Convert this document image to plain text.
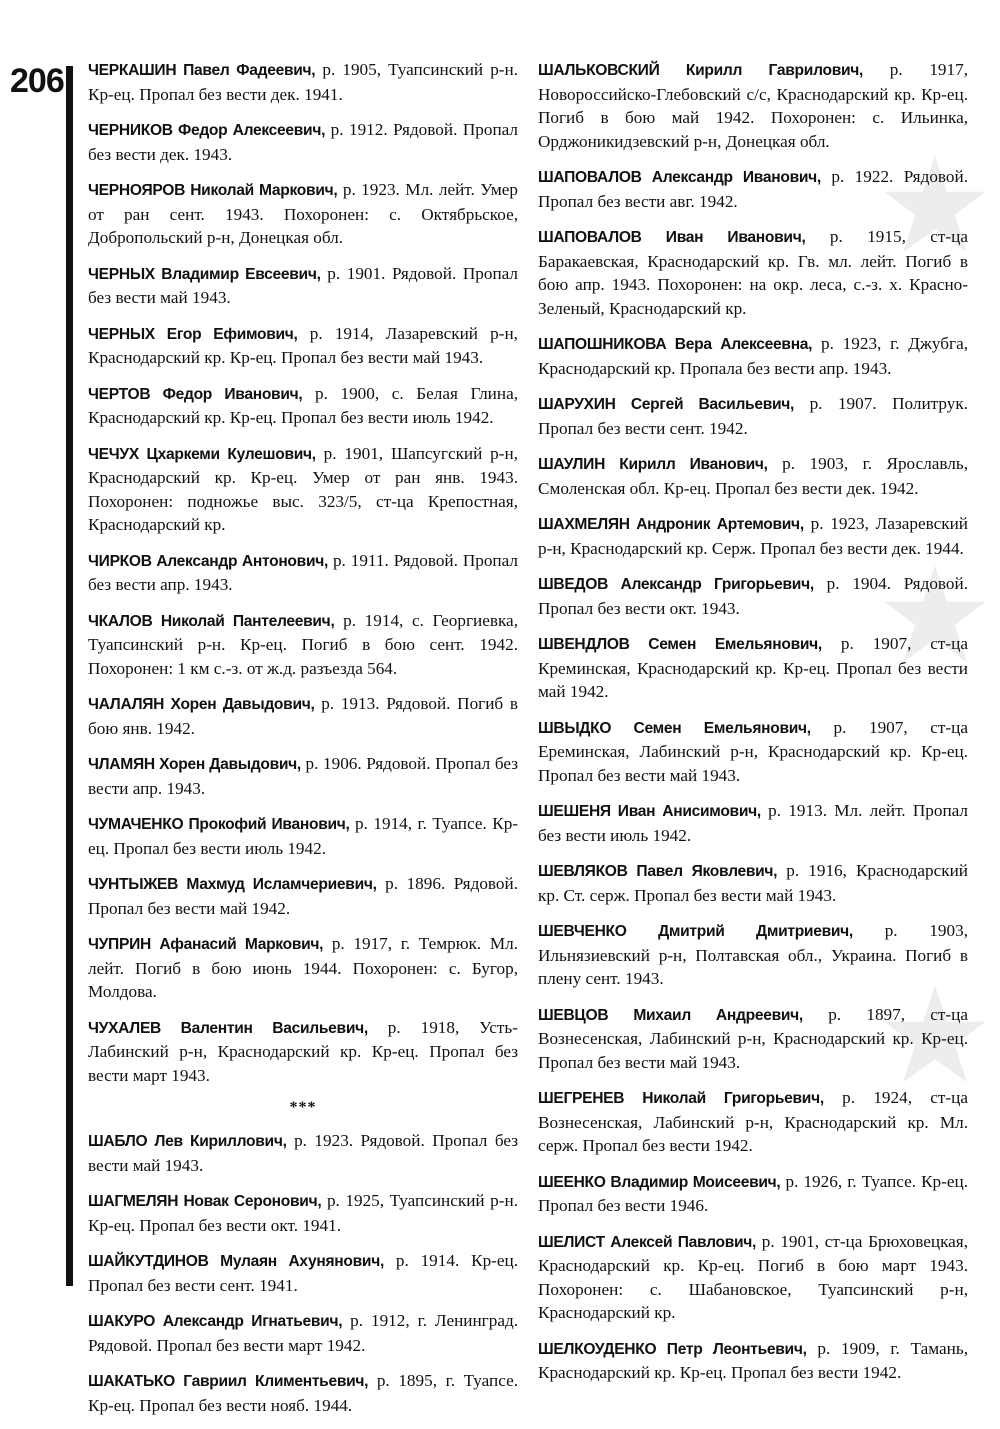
206 ЧЕРКАШИН Павел Фадеевич, р. 1905, Туапсинский р-н. Кр-ец. Пропал без вести дек. 1941.

ЧЕРНИКОВ Федор Алексеевич, р. 1912. Рядовой. Пропал без вести дек. 1943.

ЧЕРНОЯРОВ Николай Маркович, р. 1923. Мл. лейт. Умер от ран сент. 1943. Похоронен: с. Октябрьское, Добропольский р-н, Донецкая обл.

ЧЕРНЫХ Владимир Евсеевич, р. 1901. Рядовой. Пропал без вести май 1943.

ЧЕРНЫХ Егор Ефимович, р. 1914, Лазаревский р-н, Краснодарский кр. Кр-ец. Пропал без вести май 1943.

ЧЕРТОВ Федор Иванович, р. 1900, с. Белая Глина, Краснодарский кр. Кр-ец. Пропал без вести июль 1942.

ЧЕЧУХ Цхаркеми Кулешович, р. 1901, Шапсугский р-н, Краснодарский кр. Кр-ец. Умер от ран янв. 1943. Похоронен: подножье выс. 323/5, ст-ца Крепостная, Краснодарский кр.

ЧИРКОВ Александр Антонович, р. 1911. Рядовой. Пропал без вести апр. 1943.

ЧКАЛОВ Николай Пантелеевич, р. 1914, с. Георгиевка, Туапсинский р-н. Кр-ец. Погиб в бою сент. 1942. Похоронен: 1 км с.-з. от ж.д. разъезда 564.

ЧАЛАЛЯН Хорен Давыдович, р. 1913. Рядовой. Погиб в бою янв. 1942.

ЧЛАМЯН Хорен Давыдович, р. 1906. Рядовой. Пропал без вести апр. 1943.

ЧУМАЧЕНКО Прокофий Иванович, р. 1914, г. Туапсе. Кр-ец. Пропал без вести июль 1942.

ЧУНТЫЖЕВ Махмуд Исламчериевич, р. 1896. Рядовой. Пропал без вести май 1942.

ЧУПРИН Афанасий Маркович, р. 1917, г. Темрюк. Мл. лейт. Погиб в бою июнь 1944. Похоронен: с. Бугор, Молдова.

ЧУХАЛЕВ Валентин Васильевич, р. 1918, Усть-Лабинский р-н, Краснодарский кр. Кр-ец. Пропал без вести март 1943.

***

ШАБЛО Лев Кириллович, р. 1923. Рядовой. Пропал без вести май 1943.

ШАГМЕЛЯН Новак Серонович, р. 1925, Туапсинский р-н. Кр-ец. Пропал без вести окт. 1941.

ШАЙКУТДИНОВ Мулаян Ахунянович, р. 1914. Кр-ец. Пропал без вести сент. 1941.

ШАКУРО Александр Игнатьевич, р. 1912, г. Ленинград. Рядовой. Пропал без вести март 1942.

ШАКАТЬКО Гавриил Климентьевич, р. 1895, г. Туапсе. Кр-ец. Пропал без вести нояб. 1944.

ШАЛЬКОВСКИЙ Кирилл Гаврилович, р. 1917, Новороссийско-Глебовский с/с, Краснодарский кр. Кр-ец. Погиб в бою май 1942. Похоронен: с. Ильинка, Орджоникидзевский р-н, Донецкая обл.

ШАПОВАЛОВ Александр Иванович, р. 1922. Рядовой. Пропал без вести авг. 1942.

ШАПОВАЛОВ Иван Иванович, р. 1915, ст-ца Баракаевская, Краснодарский кр. Гв. мл. лейт. Погиб в бою апр. 1943. Похоронен: на окр. леса, с.-з. х. Красно-Зеленый, Краснодарский кр.

ШАПОШНИКОВА Вера Алексеевна, р. 1923, г. Джубга, Краснодарский кр. Пропала без вести апр. 1943.

ШАРУХИН Сергей Васильевич, р. 1907. Политрук. Пропал без вести сент. 1942.

ШАУЛИН Кирилл Иванович, р. 1903, г. Ярославль, Смоленская обл. Кр-ец. Пропал без вести дек. 1942.

ШАХМЕЛЯН Андроник Артемович, р. 1923, Лазаревский р-н, Краснодарский кр. Серж. Пропал без вести дек. 1944.

ШВЕДОВ Александр Григорьевич, р. 1904. Рядовой. Пропал без вести окт. 1943.

ШВЕНДЛОВ Семен Емельянович, р. 1907, ст-ца Креминская, Краснодарский кр. Кр-ец. Пропал без вести май 1942.

ШВЫДКО Семен Емельянович, р. 1907, ст-ца Ереминская, Лабинский р-н, Краснодарский кр. Кр-ец. Пропал без вести май 1943.

ШЕШЕНЯ Иван Анисимович, р. 1913. Мл. лейт. Пропал без вести июль 1942.

ШЕВЛЯКОВ Павел Яковлевич, р. 1916, Краснодарский кр. Ст. серж. Пропал без вести май 1943.

ШЕВЧЕНКО Дмитрий Дмитриевич, р. 1903, Ильнязиевский р-н, Полтавская обл., Украина. Погиб в плену сент. 1943.

ШЕВЦОВ Михаил Андреевич, р. 1897, ст-ца Вознесенская, Лабинский р-н, Краснодарский кр. Кр-ец. Пропал без вести май 1943.

ШЕГРЕНЕВ Николай Григорьевич, р. 1924, ст-ца Вознесенская, Лабинский р-н, Краснодарский кр. Мл. серж. Пропал без вести 1942.

ШЕЕНКО Владимир Моисеевич, р. 1926, г. Туапсе. Кр-ец. Пропал без вести 1946.

ШЕЛИСТ Алексей Павлович, р. 1901, ст-ца Брюховецкая, Краснодарский кр. Кр-ец. Погиб в бою март 1943. Похоронен: с. Шабановское, Туапсинский р-н, Краснодарский кр.

ШЕЛКОУДЕНКО Петр Леонтьевич, р. 1909, г. Тамань, Краснодарский кр. Кр-ец. Пропал без вести 1942.
